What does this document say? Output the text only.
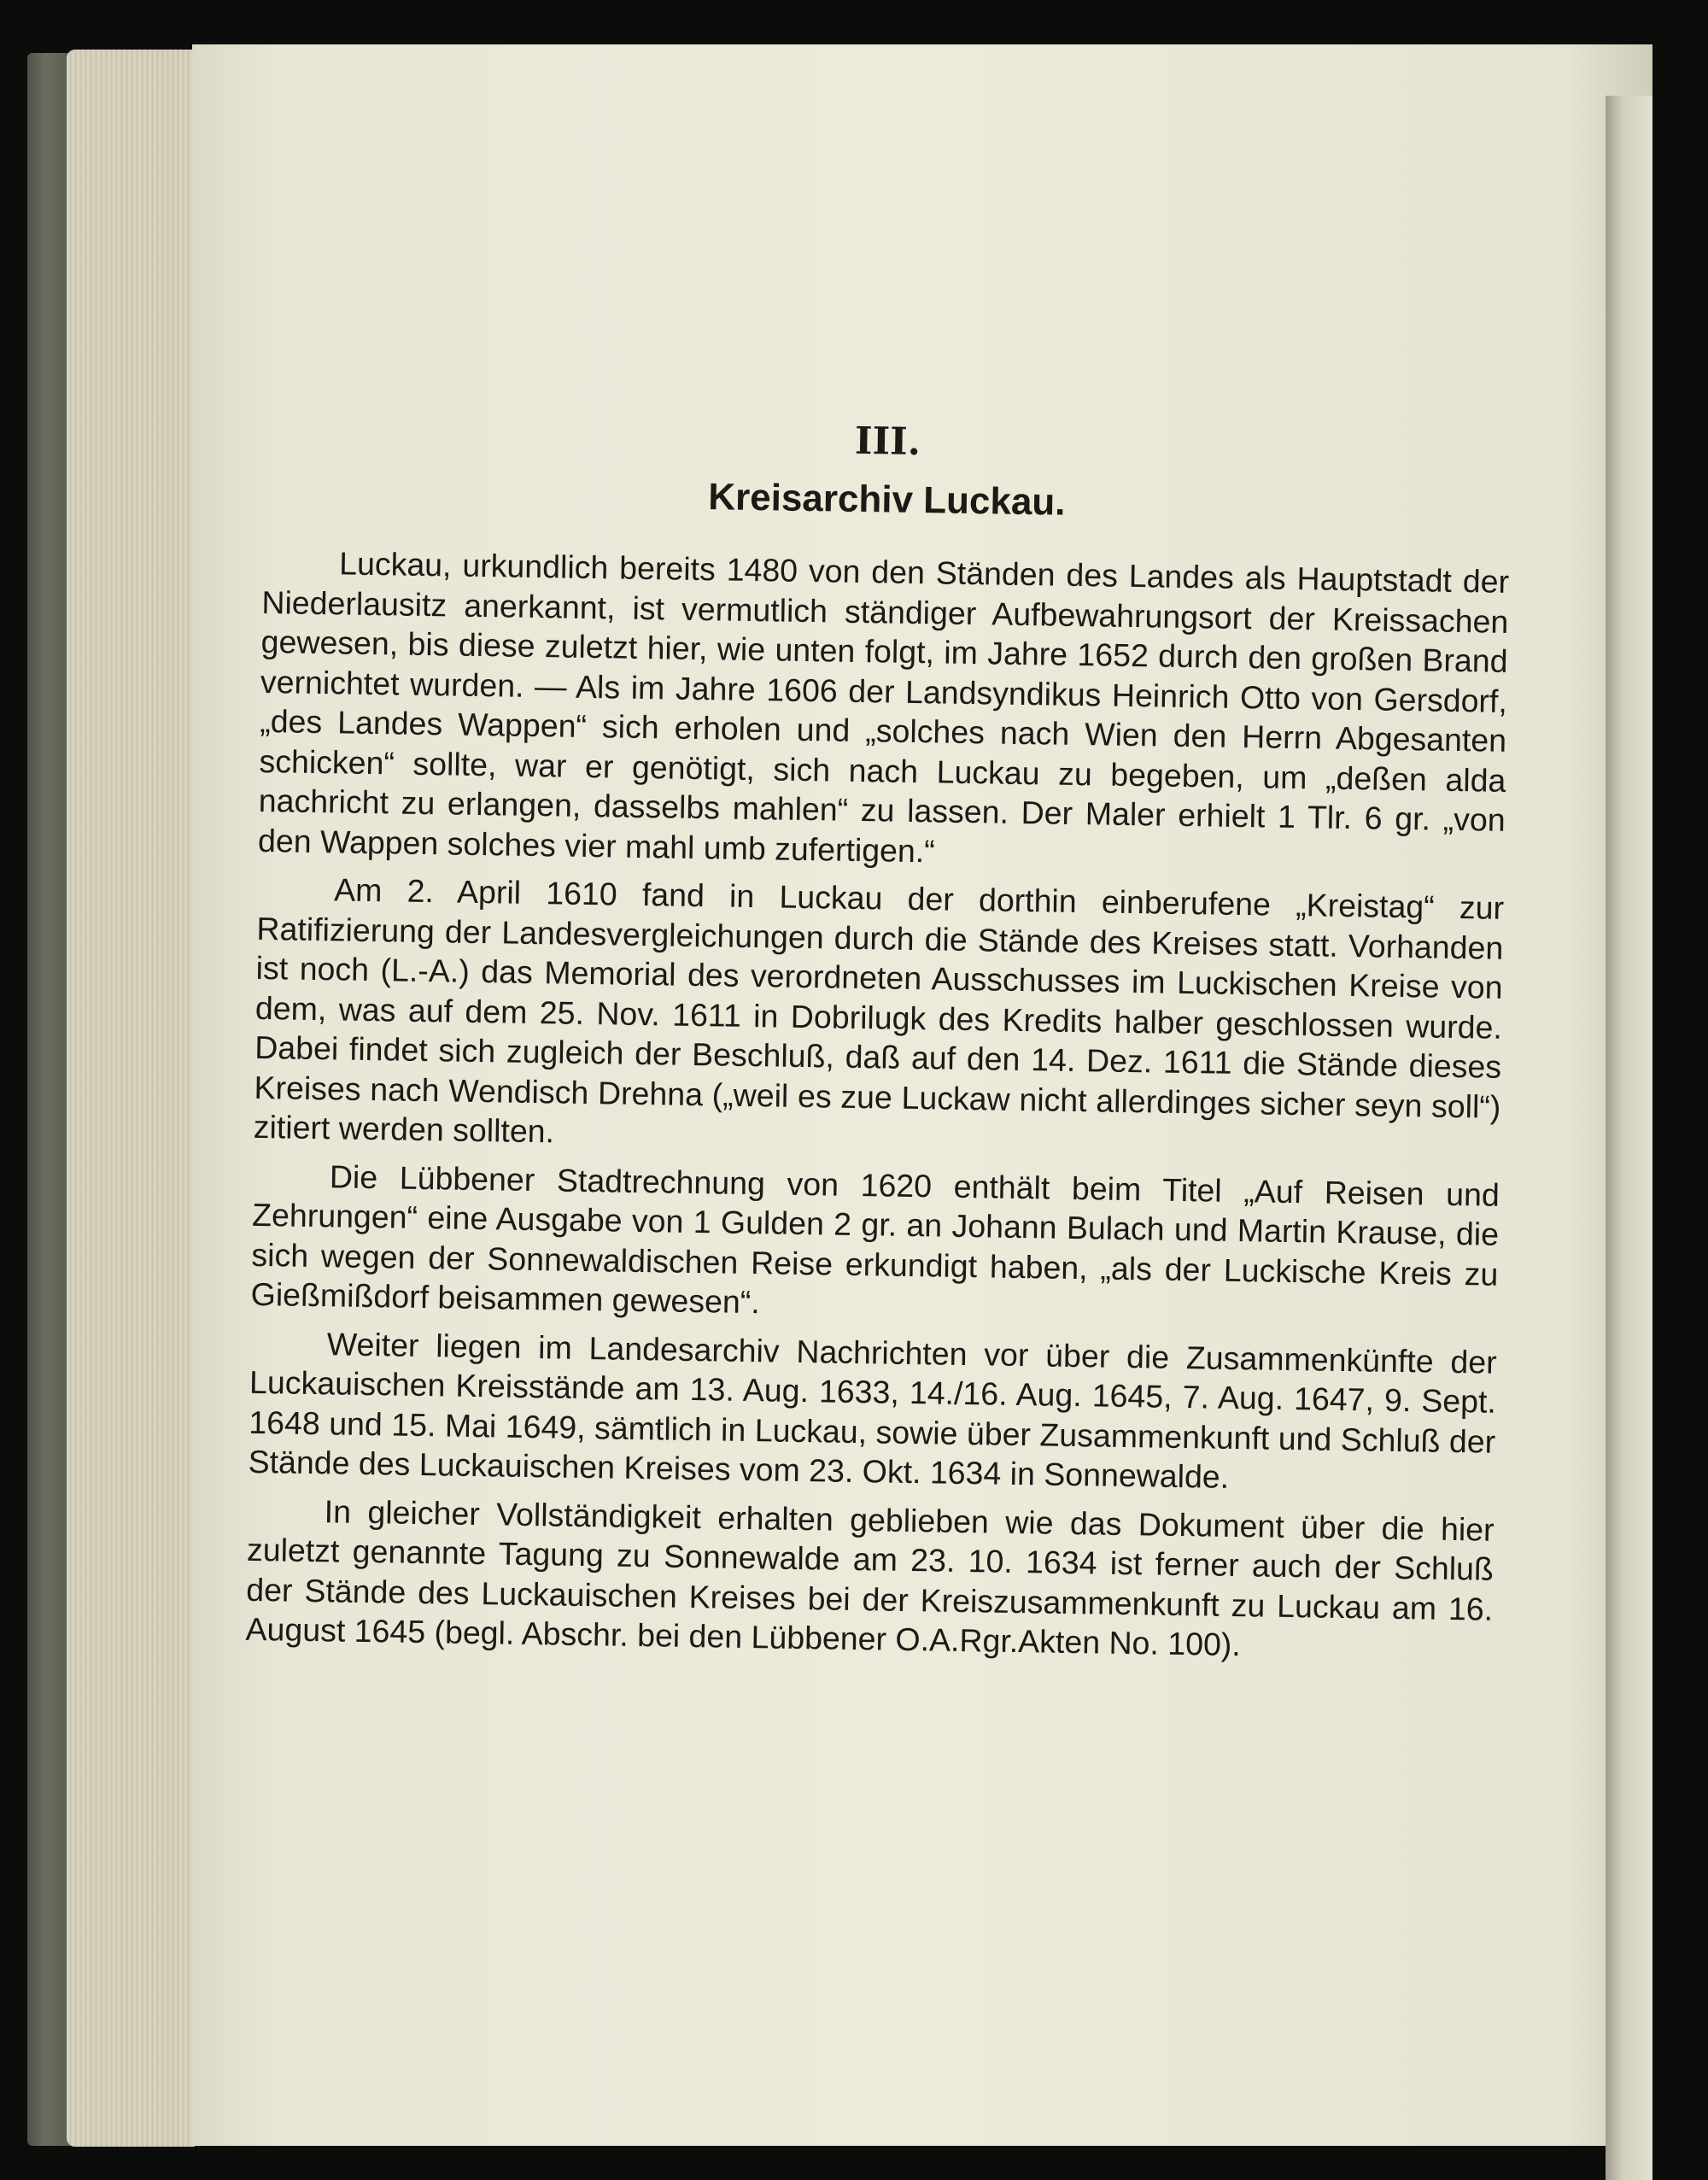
III.
Kreisarchiv Luckau.

Luckau, urkundlich bereits 1480 von den Ständen des Landes als Hauptstadt der Niederlausitz anerkannt, ist vermutlich ständiger Aufbewahrungsort der Kreissachen gewesen, bis diese zuletzt hier, wie unten folgt, im Jahre 1652 durch den großen Brand vernichtet wurden. — Als im Jahre 1606 der Landsyndikus Heinrich Otto von Gersdorf, „des Landes Wappen“ sich erholen und „solches nach Wien den Herrn Abgesanten schicken“ sollte, war er genötigt, sich nach Luckau zu begeben, um „deßen alda nachricht zu erlangen, dasselbs mahlen“ zu lassen. Der Maler erhielt 1 Tlr. 6 gr. „von den Wappen solches vier mahl umb zufertigen.“

Am 2. April 1610 fand in Luckau der dorthin einberufene „Kreistag“ zur Ratifizierung der Landesvergleichungen durch die Stände des Kreises statt. Vorhanden ist noch (L.-A.) das Memorial des verordneten Ausschusses im Luckischen Kreise von dem, was auf dem 25. Nov. 1611 in Dobrilugk des Kredits halber geschlossen wurde. Dabei findet sich zugleich der Beschluß, daß auf den 14. Dez. 1611 die Stände dieses Kreises nach Wendisch Drehna („weil es zue Luckaw nicht allerdinges sicher seyn soll“) zitiert werden sollten.

Die Lübbener Stadtrechnung von 1620 enthält beim Titel „Auf Reisen und Zehrungen“ eine Ausgabe von 1 Gulden 2 gr. an Johann Bulach und Martin Krause, die sich wegen der Sonnewaldischen Reise erkundigt haben, „als der Luckische Kreis zu Gießmißdorf beisammen gewesen“.

Weiter liegen im Landesarchiv Nachrichten vor über die Zusammenkünfte der Luckauischen Kreisstände am 13. Aug. 1633, 14./16. Aug. 1645, 7. Aug. 1647, 9. Sept. 1648 und 15. Mai 1649, sämtlich in Luckau, sowie über Zusammenkunft und Schluß der Stände des Luckauischen Kreises vom 23. Okt. 1634 in Sonnewalde.

In gleicher Vollständigkeit erhalten geblieben wie das Dokument über die hier zuletzt genannte Tagung zu Sonnewalde am 23. 10. 1634 ist ferner auch der Schluß der Stände des Luckauischen Kreises bei der Kreiszusammenkunft zu Luckau am 16. August 1645 (begl. Abschr. bei den Lübbener O.A.Rgr.Akten No. 100).
